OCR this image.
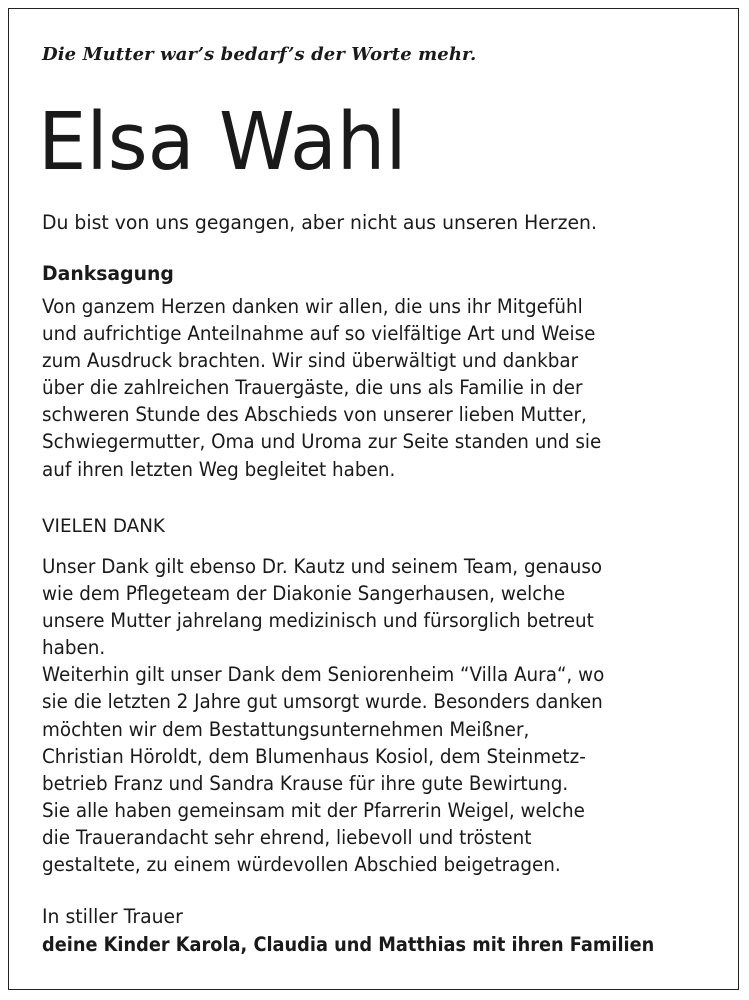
Die Mutter war’s bedarf’s der Worte mehr.
Elsa Wahl
Du bist von uns gegangen, aber nicht aus unseren Herzen.
Danksagung
Von ganzem Herzen danken wir allen, die uns ihr Mitgefühl
und aufrichtige Anteilnahme auf so vielfältige Art und Weise
zum Ausdruck brachten. Wir sind überwältigt und dankbar
über die zahlreichen Trauergäste, die uns als Familie in der
schweren Stunde des Abschieds von unserer lieben Mutter,
Schwiegermutter, Oma und Uroma zur Seite standen und sie
auf ihren letzten Weg begleitet haben.
VIELEN DANK
Unser Dank gilt ebenso Dr. Kautz und seinem Team, genauso
wie dem Pflegeteam der Diakonie Sangerhausen, welche
unsere Mutter jahrelang medizinisch und fürsorglich betreut
haben.
Weiterhin gilt unser Dank dem Seniorenheim “Villa Aura“, wo
sie die letzten 2 Jahre gut umsorgt wurde. Besonders danken
möchten wir dem Bestattungsunternehmen Meißner,
Christian Höroldt, dem Blumenhaus Kosiol, dem Steinmetz-
betrieb Franz und Sandra Krause für ihre gute Bewirtung.
Sie alle haben gemeinsam mit der Pfarrerin Weigel, welche
die Trauerandacht sehr ehrend, liebevoll und tröstent
gestaltete, zu einem würdevollen Abschied beigetragen.
In stiller Trauer
deine Kinder Karola, Claudia und Matthias mit ihren Familien
